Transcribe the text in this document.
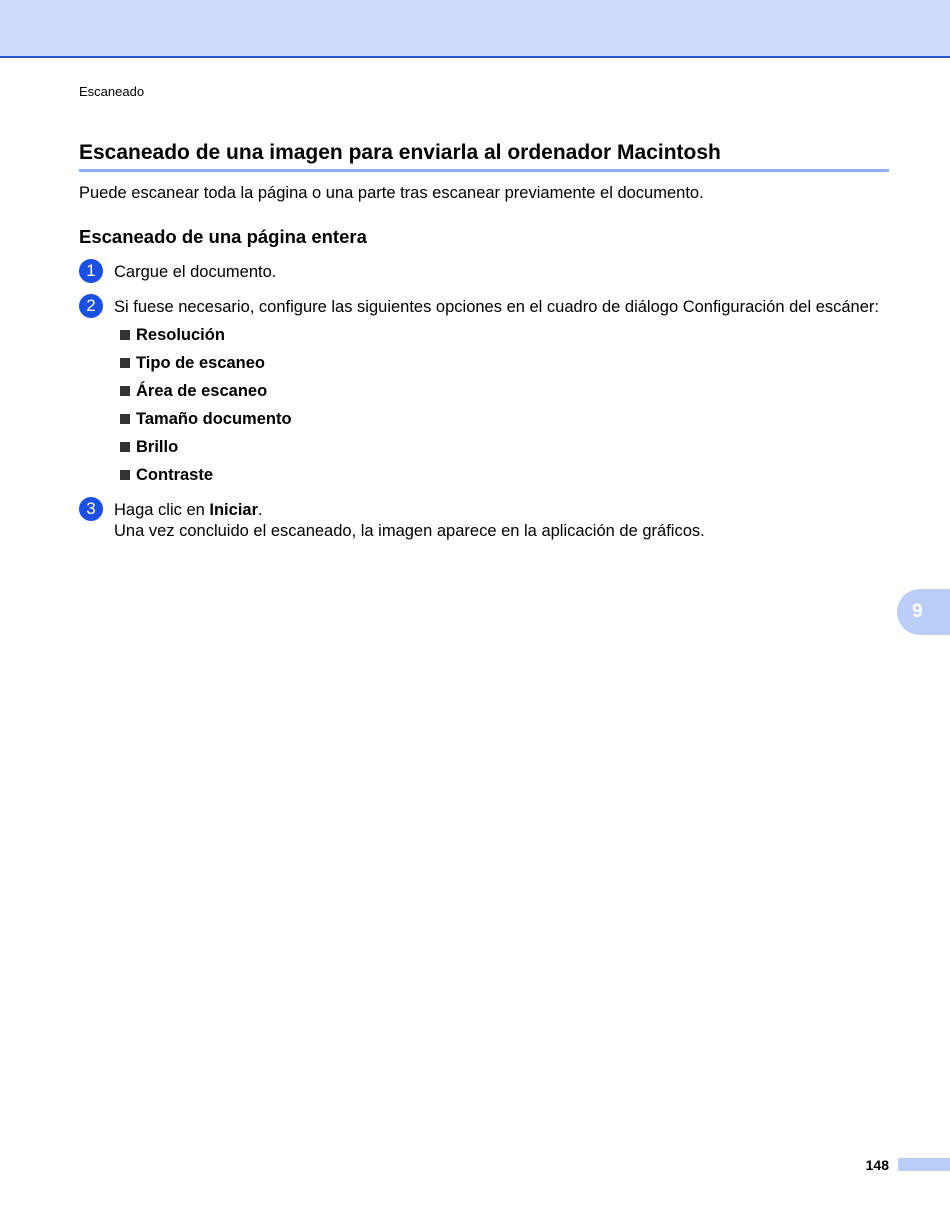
Escaneado
Escaneado de una imagen para enviarla al ordenador Macintosh

Puede escanear toda la página o una parte tras escanear previamente el documento.

Escaneado de una página entera
1	Cargue el documento.

2	Si fuese necesario, configure las siguientes opciones en el cuadro de diálogo Configuración del escáner:

Resolución
Tipo de escaneo
Área de escaneo
Tamaño documento
Brillo
Contraste
3	Haga clic en Iniciar.

Una vez concluido el escaneado, la imagen aparece en la aplicación de gráficos.

9
148
